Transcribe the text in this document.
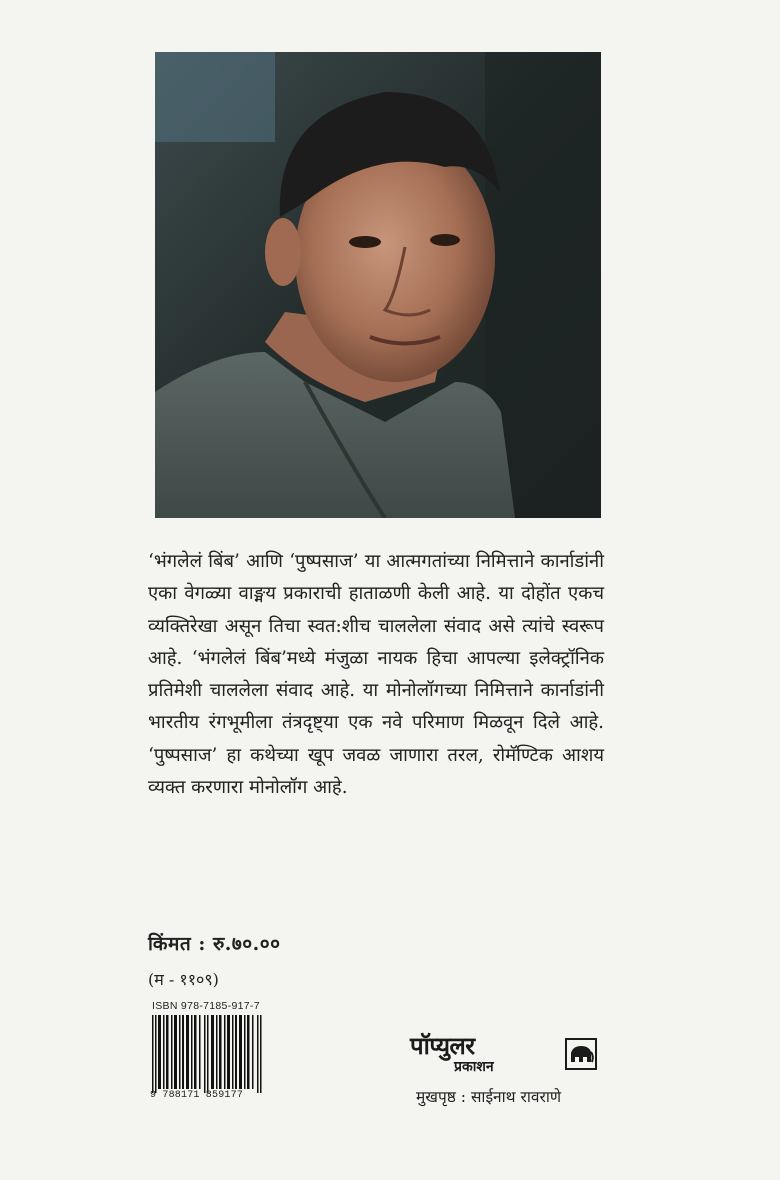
‘भंगलेलं बिंब’ आणि ‘पुष्पसाज’ या आत्मगतांच्या निमित्ताने कार्नाडांनी एका वेगळ्या वाङ्मय प्रकाराची हाताळणी केली आहे. या दोहोंत एकच व्यक्तिरेखा असून तिचा स्वत:शीच चाललेला संवाद असे त्यांचे स्वरूप आहे. ‘भंगलेलं बिंब’मध्ये मंजुळा नायक हिचा आपल्या इलेक्ट्रॉनिक प्रतिमेशी चाललेला संवाद आहे. या मोनोलॉगच्या निमित्ताने कार्नाडांनी भारतीय रंगभूमीला तंत्रदृष्ट्या एक नवे परिमाण मिळवून दिले आहे. ‘पुष्पसाज’ हा कथेच्या खूप जवळ जाणारा तरल, रोमॅण्टिक आशय व्यक्त करणारा मोनोलॉग आहे.

किंमत : रु.७०.००
(म - ११०९)
ISBN 978-7185-917-7
9 788171 859177
पॉप्युलर
प्रकाशन
मुखपृष्ठ : साईनाथ रावराणे
